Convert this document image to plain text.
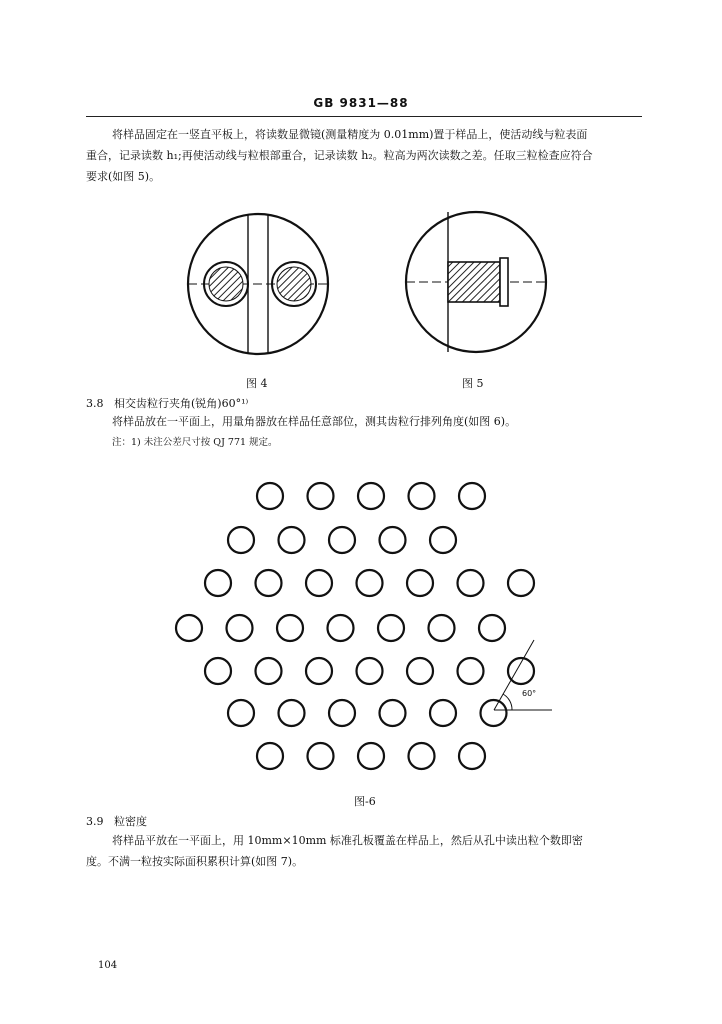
GB 9831—88
将样品固定在一竖直平板上，将读数显微镜(测量精度为 0.01mm)置于样品上，使活动线与粒表面
重合，记录读数 h₁;再使活动线与粒根部重合，记录读数 h₂。粒高为两次读数之差。任取三粒检查应符合
要求(如图 5)。
60°
图 4	图 5
3.8 相交齿粒行夹角(锐角)60°¹⁾
将样品放在一平面上，用量角器放在样品任意部位，测其齿粒行排列角度(如图 6)。
注：1) 未注公差尺寸按 QJ 771 规定。
图-6
3.9 粒密度
将样品平放在一平面上，用 10mm×10mm 标准孔板覆盖在样品上，然后从孔中读出粒个数即密
度。不满一粒按实际面积累积计算(如图 7)。
104
